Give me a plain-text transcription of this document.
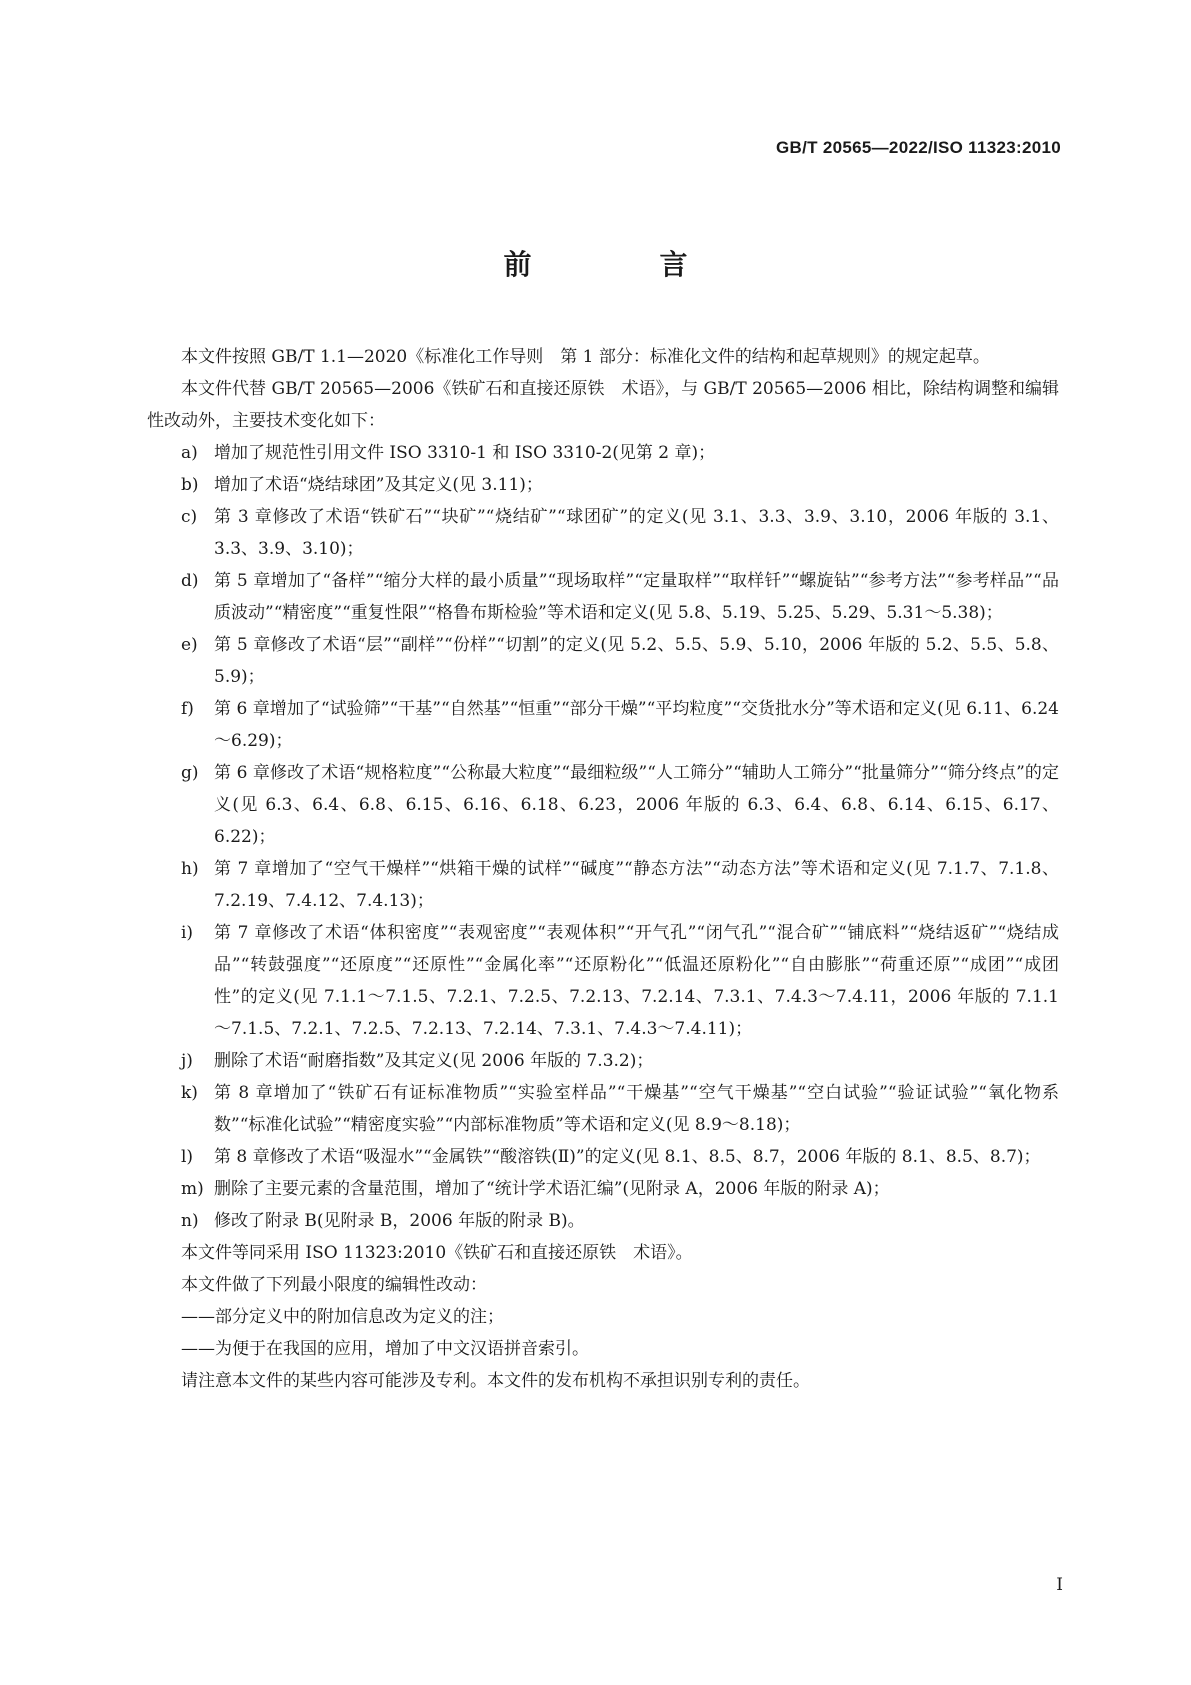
GB/T 20565—2022/ISO 11323:2010
前　言

本文件按照 GB/T 1.1—2020《标准化工作导则　第 1 部分：标准化文件的结构和起草规则》的规定起草。

本文件代替 GB/T 20565—2006《铁矿石和直接还原铁　术语》，与 GB/T 20565—2006 相比，除结构调整和编辑性改动外，主要技术变化如下：

a) 增加了规范性引用文件 ISO 3310-1 和 ISO 3310-2(见第 2 章)；
b) 增加了术语“烧结球团”及其定义(见 3.11)；
c) 第 3 章修改了术语“铁矿石”“块矿”“烧结矿”“球团矿”的定义(见 3.1、3.3、3.9、3.10，2006 年版的 3.1、3.3、3.9、3.10)；
d) 第 5 章增加了“备样”“缩分大样的最小质量”“现场取样”“定量取样”“取样钎”“螺旋钻”“参考方法”“参考样品”“品质波动”“精密度”“重复性限”“格鲁布斯检验”等术语和定义(见 5.8、5.19、5.25、5.29、5.31～5.38)；
e) 第 5 章修改了术语“层”“副样”“份样”“切割”的定义(见 5.2、5.5、5.9、5.10，2006 年版的 5.2、5.5、5.8、5.9)；
f) 第 6 章增加了“试验筛”“干基”“自然基”“恒重”“部分干燥”“平均粒度”“交货批水分”等术语和定义(见 6.11、6.24～6.29)；
g) 第 6 章修改了术语“规格粒度”“公称最大粒度”“最细粒级”“人工筛分”“辅助人工筛分”“批量筛分”“筛分终点”的定义(见 6.3、6.4、6.8、6.15、6.16、6.18、6.23，2006 年版的 6.3、6.4、6.8、6.14、6.15、6.17、6.22)；
h) 第 7 章增加了“空气干燥样”“烘箱干燥的试样”“碱度”“静态方法”“动态方法”等术语和定义(见 7.1.7、7.1.8、7.2.19、7.4.12、7.4.13)；
i) 第 7 章修改了术语“体积密度”“表观密度”“表观体积”“开气孔”“闭气孔”“混合矿”“铺底料”“烧结返矿”“烧结成品”“转鼓强度”“还原度”“还原性”“金属化率”“还原粉化”“低温还原粉化”“自由膨胀”“荷重还原”“成团”“成团性”的定义(见 7.1.1～7.1.5、7.2.1、7.2.5、7.2.13、7.2.14、7.3.1、7.4.3～7.4.11，2006 年版的 7.1.1～7.1.5、7.2.1、7.2.5、7.2.13、7.2.14、7.3.1、7.4.3～7.4.11)；
j) 删除了术语“耐磨指数”及其定义(见 2006 年版的 7.3.2)；
k) 第 8 章增加了“铁矿石有证标准物质”“实验室样品”“干燥基”“空气干燥基”“空白试验”“验证试验”“氧化物系数”“标准化试验”“精密度实验”“内部标准物质”等术语和定义(见 8.9～8.18)；
l) 第 8 章修改了术语“吸湿水”“金属铁”“酸溶铁(Ⅱ)”的定义(见 8.1、8.5、8.7，2006 年版的 8.1、8.5、8.7)；
m) 删除了主要元素的含量范围，增加了“统计学术语汇编”(见附录 A，2006 年版的附录 A)；
n) 修改了附录 B(见附录 B，2006 年版的附录 B)。

本文件等同采用 ISO 11323:2010《铁矿石和直接还原铁　术语》。

本文件做了下列最小限度的编辑性改动：

——部分定义中的附加信息改为定义的注；

——为便于在我国的应用，增加了中文汉语拼音索引。

请注意本文件的某些内容可能涉及专利。本文件的发布机构不承担识别专利的责任。

Ⅰ
